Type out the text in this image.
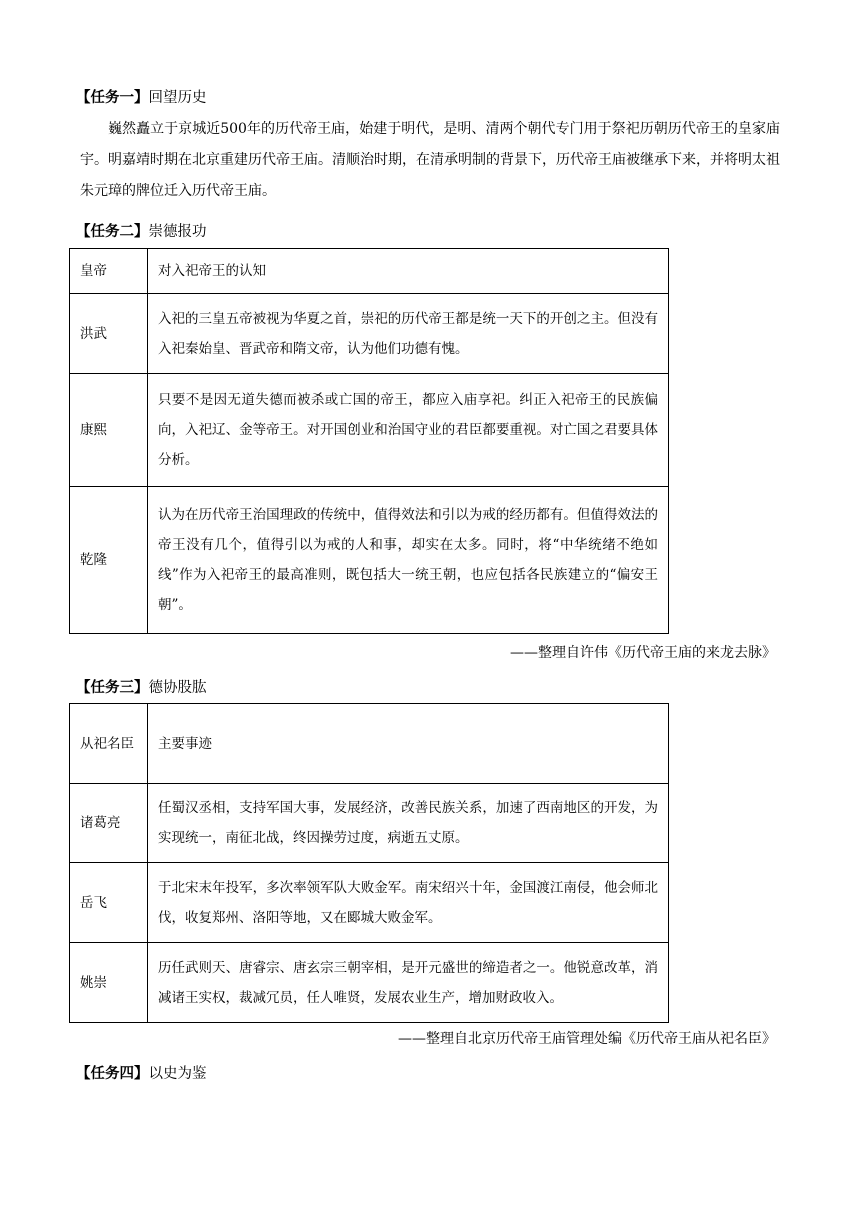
【任务一】回望历史
巍然矗立于京城近500年的历代帝王庙，始建于明代，是明、清两个朝代专门用于祭祀历朝历代帝王的皇家庙宇。明嘉靖时期在北京重建历代帝王庙。清顺治时期，在清承明制的背景下，历代帝王庙被继承下来，并将明太祖朱元璋的牌位迁入历代帝王庙。
【任务二】崇德报功
皇帝	对入祀帝王的认知
洪武	入祀的三皇五帝被视为华夏之首，崇祀的历代帝王都是统一天下的开创之主。但没有入祀秦始皇、晋武帝和隋文帝，认为他们功德有愧。
康熙	只要不是因无道失德而被杀或亡国的帝王，都应入庙享祀。纠正入祀帝王的民族偏向，入祀辽、金等帝王。对开国创业和治国守业的君臣都要重视。对亡国之君要具体分析。
乾隆	认为在历代帝王治国理政的传统中，值得效法和引以为戒的经历都有。但值得效法的帝王没有几个，值得引以为戒的人和事，却实在太多。同时，将“中华统绪不绝如线”作为入祀帝王的最高准则，既包括大一统王朝，也应包括各民族建立的“偏安王朝”。
——整理自许伟《历代帝王庙的来龙去脉》
【任务三】德协股肱
从祀名臣	主要事迹
诸葛亮	任蜀汉丞相，支持军国大事，发展经济，改善民族关系，加速了西南地区的开发，为实现统一，南征北战，终因操劳过度，病逝五丈原。
岳飞	于北宋末年投军，多次率领军队大败金军。南宋绍兴十年，金国渡江南侵，他会师北伐，收复郑州、洛阳等地，又在郾城大败金军。
姚崇	历任武则天、唐睿宗、唐玄宗三朝宰相，是开元盛世的缔造者之一。他锐意改革，消减诸王实权，裁减冗员，任人唯贤，发展农业生产，增加财政收入。
——整理自北京历代帝王庙管理处编《历代帝王庙从祀名臣》
【任务四】以史为鉴
